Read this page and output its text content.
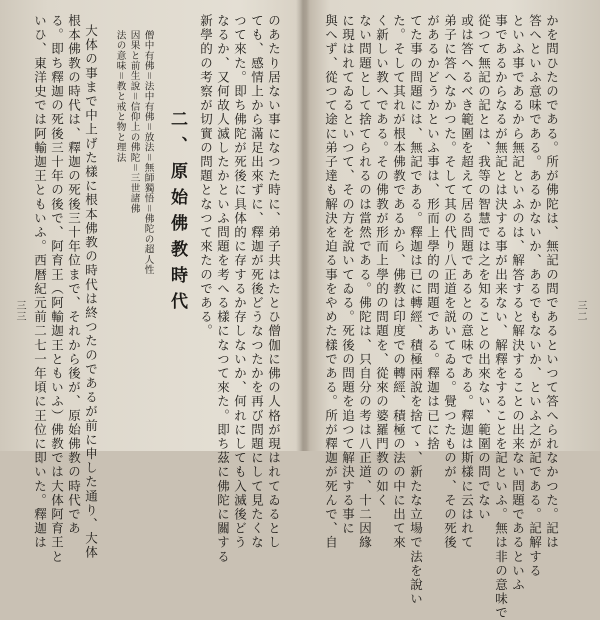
三三	のあたり居ない事になつた時に、弟子共はたとひ僧伽に佛の人格が現はれてゐるとし
ても、感情上から滿足出來ずに、釋迦が死後どうなつたかを再び問題にして見たくな
つて來た。即ち佛陀が死後に具体的に存するか存しないか、何れにしても入滅後どう
なるか、又何故人滅したかといふ問題を考へる樣になつて來た。即ち茲に佛陀に關する
新學的の考察が切實の問題となつて來たのである。
二、原始佛教時代
僧中有佛＝法中有佛＝放法＝無師獨悟＝佛陀の超人性
因果と前生說＝信仰上の佛陀＝三世諸佛
法の意味＝教と戒と物と理法
大体の事まで中上げた樣に根本佛教の時代は終つたのであるが前に申した通り、大体
根本佛教の時代は、釋迦の死後三十年位まで、それから後が、原始佛教の時代であ
る。即ち釋迦の死後三十年の後で、阿育王（阿輸迦王ともいふ）佛教では大体阿育王と
いひ、東洋史では阿輸迦王ともいふ。西暦紀元前二七一年頃に王位に即いた。釋迦は	三二
かを問ひたのである。所が佛陀は、無記の問であるといつて答へられなかつた。記は
答へといふ意味である。あるかないか、あるでもないか、といふ之が記である。記解する
といふ事であるから無記といふのは、解答すると解決することの出来ない問題であるといふ
事であるからなるが無記とは決する事が出来ない、解釋をすることを記といふ。無は非の意味で
從つて無記の記とは、我等の智慧では之を知ることの出來ない、範圍の問でない
或は答へるべき範圍を超えて居る問題であるとの意味である。釋迦は斯樣に云はれて
弟子に答へなかつた。そして其の代り八正道を説いてゐる。覺つたものが、その死後
があるかどうかといふ事は、形而上學的の問題である。釋迦は已に捨
てた事の問題には、無記である。釋迦は已に轉經、積極兩說を捨てゝ、新たな立場で法を說い
た。そして其れが根本佛教であるから、佛教は印度での轉經、積極の法の中に出て來
く新しい教へである。その佛教が形而上學的の問題を、從來の婆羅門教の如く
ない問題として捨てられるのは當然である。佛陀は、只自分の考は八正道、十二因緣
に現はれてゐるといつて、その方を說いてゐる。死後の問題を追つて解決する事に
與へず、從つて途に弟子達も解決を迫る事をやめた樣である。所が釋迦が死んで、自
